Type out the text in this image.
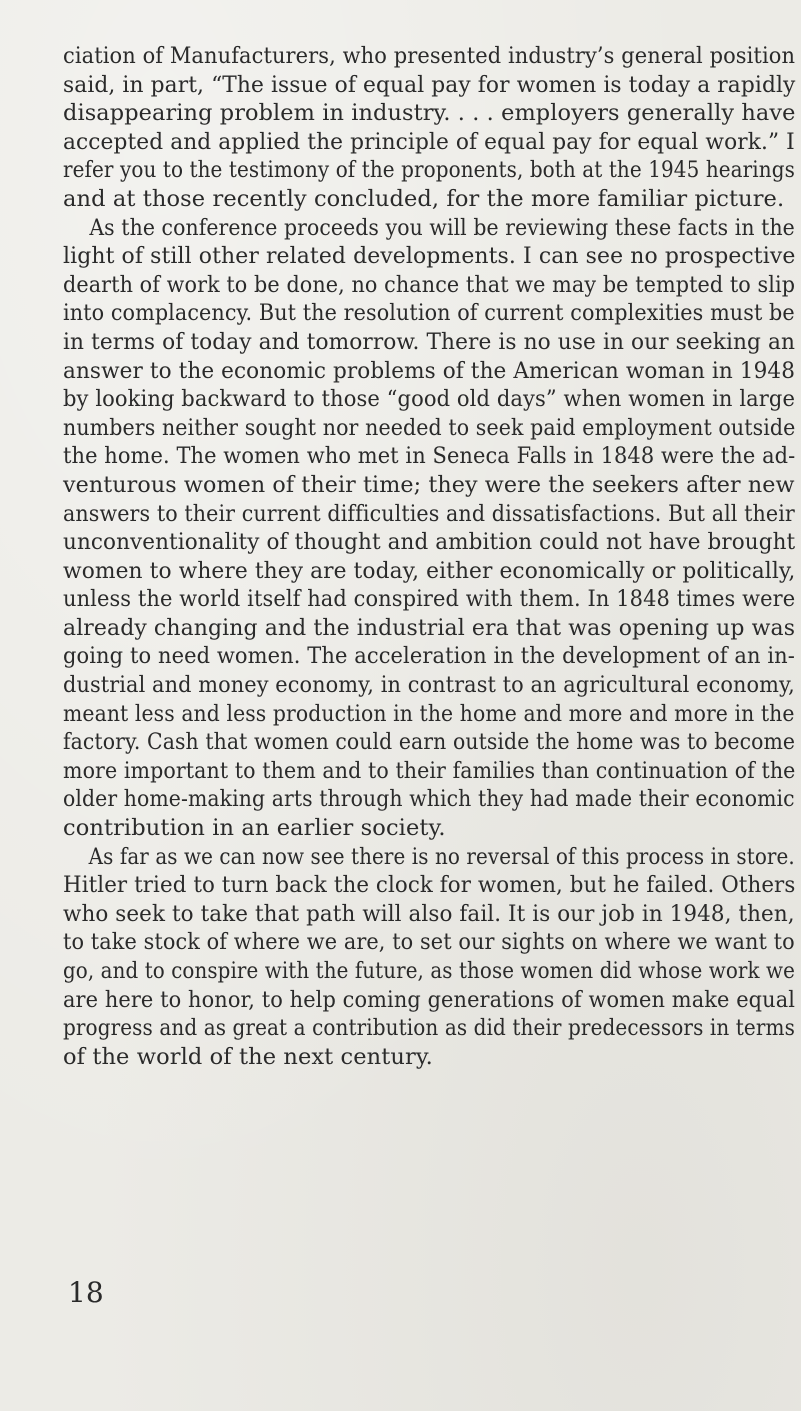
ciation of Manufacturers, who presented industry’s general position
said, in part, “The issue of equal pay for women is today a rapidly
disappearing problem in industry. . . . employers generally have
accepted and applied the principle of equal pay for equal work.” I
refer you to the testimony of the proponents, both at the 1945 hearings
and at those recently concluded, for the more familiar picture.
As the conference proceeds you will be reviewing these facts in the
light of still other related developments. I can see no prospective
dearth of work to be done, no chance that we may be tempted to slip
into complacency. But the resolution of current complexities must be
in terms of today and tomorrow. There is no use in our seeking an
answer to the economic problems of the American woman in 1948
by looking backward to those “good old days” when women in large
numbers neither sought nor needed to seek paid employment outside
the home. The women who met in Seneca Falls in 1848 were the ad-
venturous women of their time; they were the seekers after new
answers to their current difficulties and dissatisfactions. But all their
unconventionality of thought and ambition could not have brought
women to where they are today, either economically or politically,
unless the world itself had conspired with them. In 1848 times were
already changing and the industrial era that was opening up was
going to need women. The acceleration in the development of an in-
dustrial and money economy, in contrast to an agricultural economy,
meant less and less production in the home and more and more in the
factory. Cash that women could earn outside the home was to become
more important to them and to their families than continuation of the
older home-making arts through which they had made their economic
contribution in an earlier society.
As far as we can now see there is no reversal of this process in store.
Hitler tried to turn back the clock for women, but he failed. Others
who seek to take that path will also fail. It is our job in 1948, then,
to take stock of where we are, to set our sights on where we want to
go, and to conspire with the future, as those women did whose work we
are here to honor, to help coming generations of women make equal
progress and as great a contribution as did their predecessors in terms
of the world of the next century.
18
